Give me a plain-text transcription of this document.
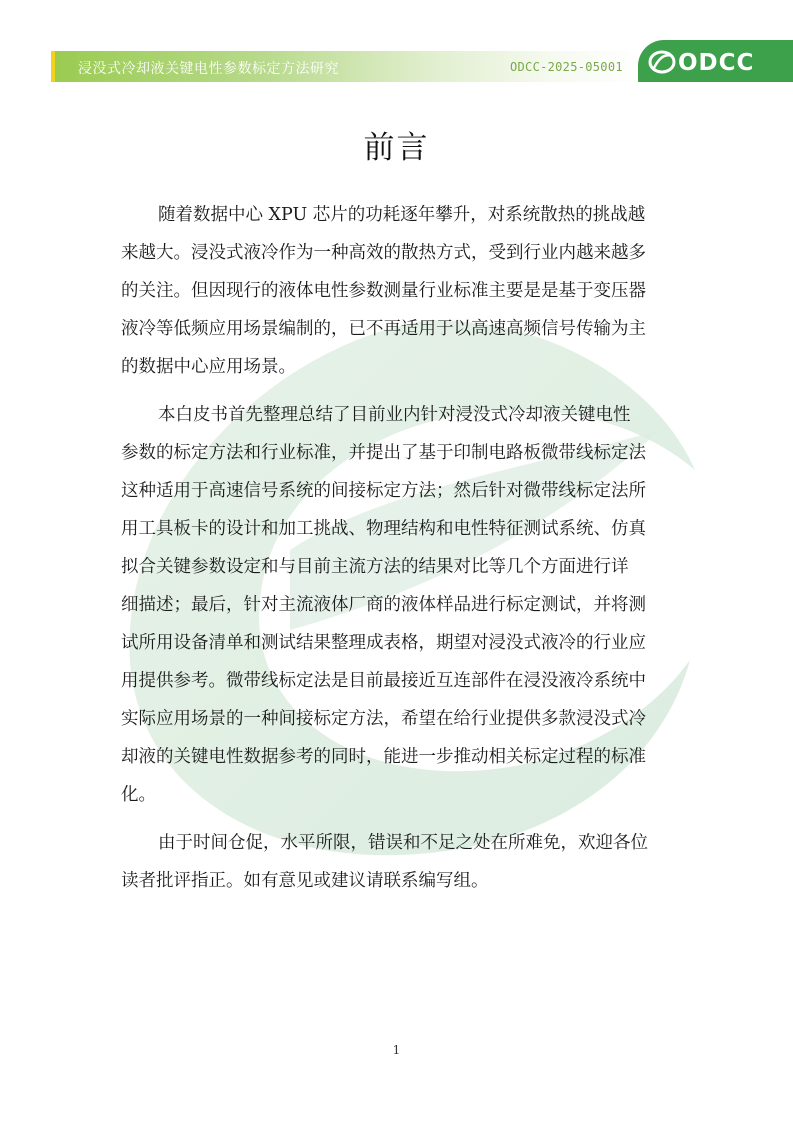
浸没式冷却液关键电性参数标定方法研究	ODCC-2025-05001 ODCC
前言
随着数据中心 XPU 芯片的功耗逐年攀升，对系统散热的挑战越
来越大。浸没式液冷作为一种高效的散热方式，受到行业内越来越多
的关注。但因现行的液体电性参数测量行业标准主要是是基于变压器
液冷等低频应用场景编制的，已不再适用于以高速高频信号传输为主
的数据中心应用场景。
本白皮书首先整理总结了目前业内针对浸没式冷却液关键电性
参数的标定方法和行业标准，并提出了基于印制电路板微带线标定法
这种适用于高速信号系统的间接标定方法；然后针对微带线标定法所
用工具板卡的设计和加工挑战、物理结构和电性特征测试系统、仿真
拟合关键参数设定和与目前主流方法的结果对比等几个方面进行详
细描述；最后，针对主流液体厂商的液体样品进行标定测试，并将测
试所用设备清单和测试结果整理成表格，期望对浸没式液冷的行业应
用提供参考。微带线标定法是目前最接近互连部件在浸没液冷系统中
实际应用场景的一种间接标定方法，希望在给行业提供多款浸没式冷
却液的关键电性数据参考的同时，能进一步推动相关标定过程的标准
化。
由于时间仓促，水平所限，错误和不足之处在所难免，欢迎各位
读者批评指正。如有意见或建议请联系编写组。
1
